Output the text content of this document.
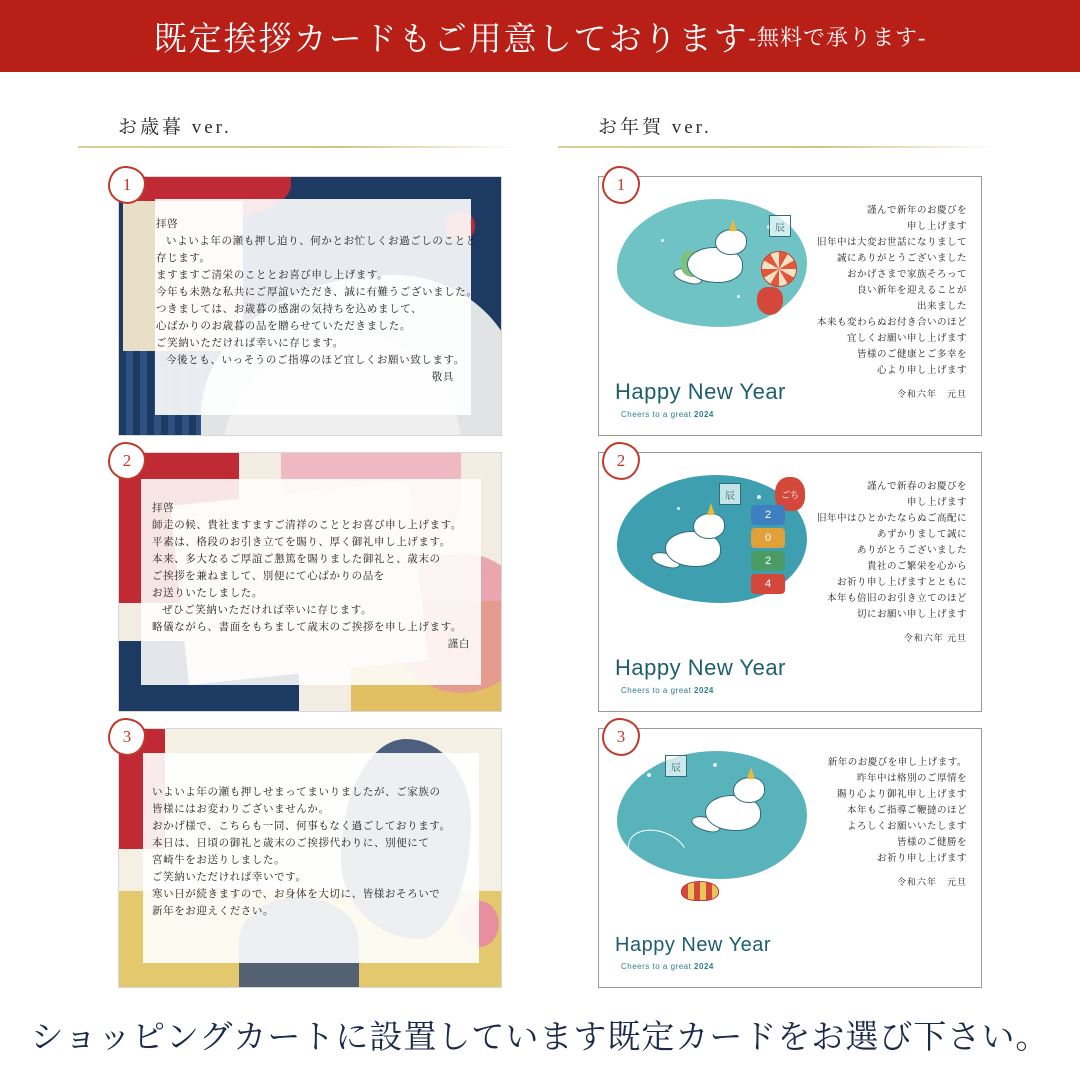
既定挨拶カードもご用意しております -無料で承ります-
お歳暮 ver.	お年賀 ver.
拝啓
いよいよ年の瀬も押し迫り、何かとお忙しくお過ごしのことと
存じます。
ますますご清栄のこととお喜び申し上げます。
今年も未熟な私共にご厚誼いただき、誠に有難うございました。
つきましては、お歳暮の感謝の気持ちを込めまして、
心ばかりのお歳暮の品を贈らせていただきました。
ご笑納いただければ幸いに存じます。
今後とも、いっそうのご指導のほど宜しくお願い致します。
敬具
1
拝啓
師走の候、貴社ますますご清祥のこととお喜び申し上げます。
平素は、格段のお引き立てを賜り、厚く御礼申し上げます。
本来、多大なるご厚誼ご懇篤を賜りました御礼と、歳末の
ご挨拶を兼ねまして、別便にて心ばかりの品を
お送りいたしました。
ぜひご笑納いただければ幸いに存じます。
略儀ながら、書面をもちまして歳末のご挨拶を申し上げます。
謹白
2
いよいよ年の瀬も押しせまってまいりましたが、ご家族の
皆様にはお変わりございませんか。
おかげ様で、こちらも一同、何事もなく過ごしております。
本日は、日頃の御礼と歳末のご挨拶代わりに、別便にて
宮崎牛をお送りしました。
ご笑納いただければ幸いです。
寒い日が続きますので、お身体を大切に、皆様おそろいで
新年をお迎えください。
3
辰
Happy New Year
Cheers to a great 2024
謹んで新年のお慶びを
申し上げます
旧年中は大変お世話になりまして
誠にありがとうございました
おかげさまで家族そろって
良い新年を迎えることが
出来ました
本来も変わらぬお付き合いのほど
宜しくお願い申し上げます
皆様のご健康とご多幸を
心より申し上げます
令和六年　元旦
1
辰	ごち
2
0
2
4
Happy New Year
Cheers to a great 2024
謹んで新春のお慶びを
申し上げます
旧年中はひとかたならぬご高配に
あずかりまして誠に
ありがとうございました
貴社のご繁栄を心から
お祈り申し上げますとともに
本年も倍旧のお引き立てのほど
切にお願い申し上げます
令和六年 元旦
2
辰
Happy New Year
Cheers to a great 2024
新年のお慶びを申し上げます。
昨年中は格別のご厚情を
賜り心より御礼申し上げます
本年もご指導ご鞭撻のほど
よろしくお願いいたします
皆様のご健勝を
お祈り申し上げます
令和六年　元旦
3
ショッピングカートに設置しています既定カードをお選び下さい。
